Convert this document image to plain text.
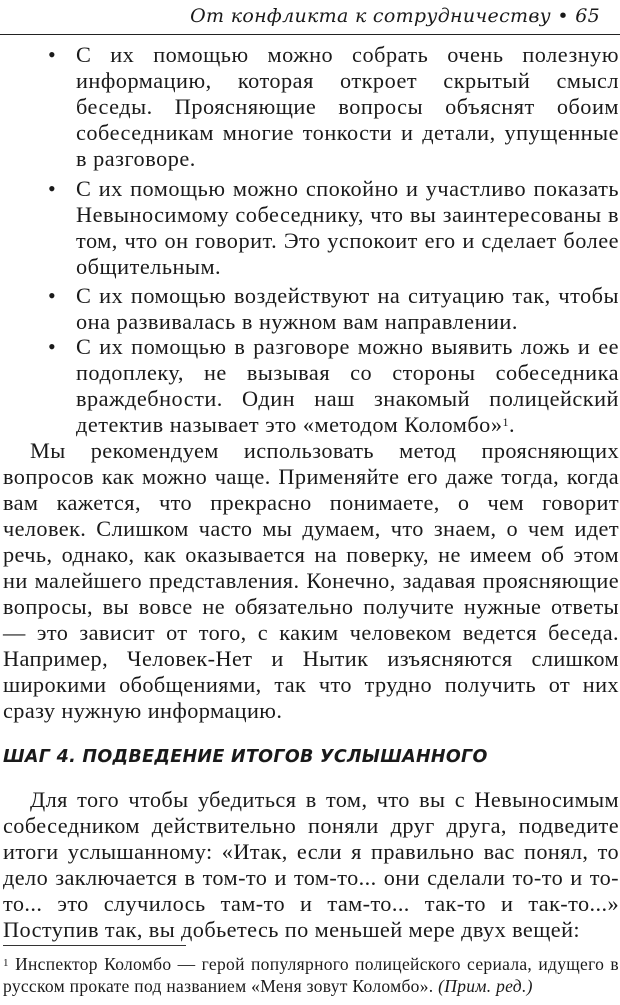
От конфликта к сотрудничеству • 65
• С их помощью можно собрать очень полезную информацию, которая откроет скрытый смысл беседы. Проясняющие вопросы объяснят обоим собеседникам многие тонкости и детали, упущенные в разговоре.
• С их помощью можно спокойно и участливо показать Невыносимому собеседнику, что вы заинтересованы в том, что он говорит. Это успокоит его и сделает более общительным.
• С их помощью воздействуют на ситуацию так, чтобы она развивалась в нужном вам направлении.
• С их помощью в разговоре можно выявить ложь и ее подоплеку, не вызывая со стороны собеседника враждебности. Один наш знакомый полицейский детектив называет это «методом Коломбо»$^1$.
Мы рекомендуем использовать метод проясняющих вопросов как можно чаще. Применяйте его даже тогда, когда вам кажется, что прекрасно понимаете, о чем говорит человек. Слишком часто мы думаем, что знаем, о чем идет речь, однако, как оказывается на поверку, не имеем об этом ни малейшего представления. Конечно, задавая проясняющие вопросы, вы вовсе не обязательно получите нужные ответы — это зависит от того, с каким человеком ведется беседа. Например, Человек-Нет и Нытик изъясняются слишком широкими обобщениями, так что трудно получить от них сразу нужную информацию.
ШАГ 4. ПОДВЕДЕНИЕ ИТОГОВ УСЛЫШАННОГО
Для того чтобы убедиться в том, что вы с Невыносимым собеседником действительно поняли друг друга, подведите итоги услышанному: «Итак, если я правильно вас понял, то дело заключается в том-то и том-то... они сделали то-то и то-то... это случилось там-то и там-то... так-то и так-то...» Поступив так, вы добьетесь по меньшей мере двух вещей:
$^1$ Инспектор Коломбо — герой популярного полицейского сериала, идущего в русском прокате под названием «Меня зовут Коломбо». (Прим. ред.)
